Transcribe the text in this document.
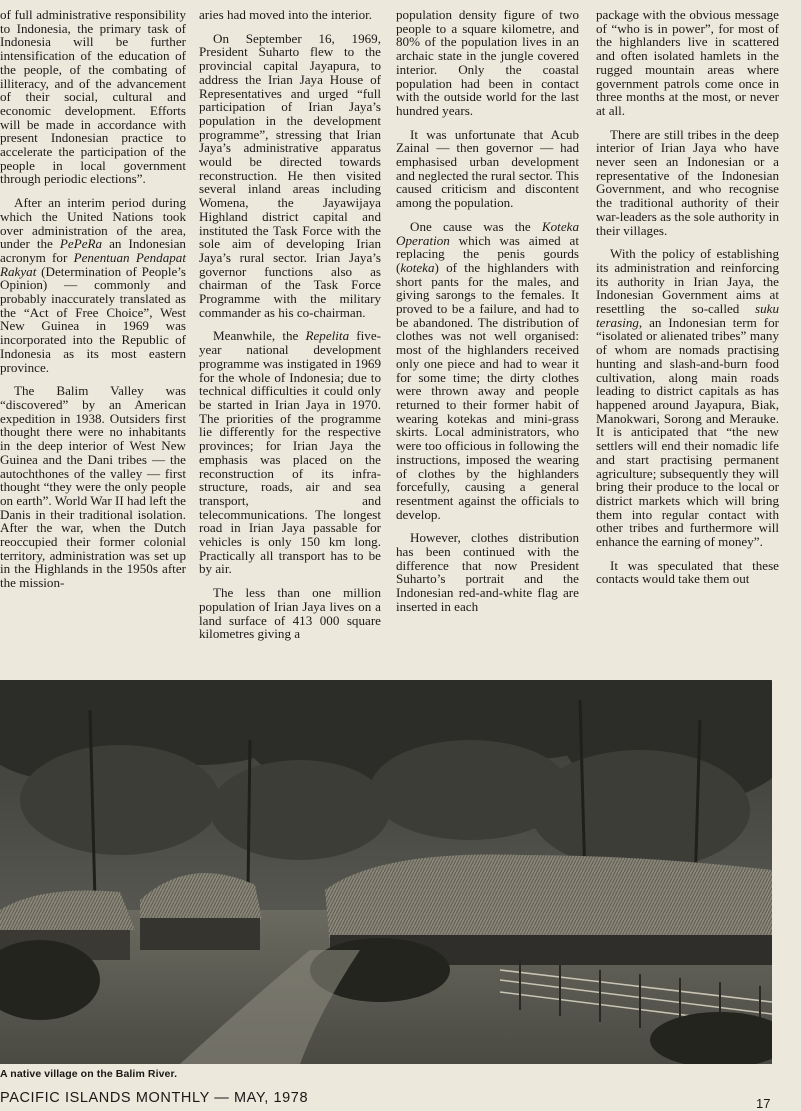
of full administrative responsibility to Indonesia, the primary task of Indonesia will be further intensification of the education of the people, of the combating of illiteracy, and of the advancement of their social, cultural and economic development. Efforts will be made in accordance with present Indonesian practice to accelerate the participation of the people in local government through periodic elections”.

After an interim period during which the United Nations took over administration of the area, under the PePeRa an Indonesian acronym for Penentuan Pendapat Rakyat (Determination of People’s Opinion) — commonly and probably inaccurately translated as the “Act of Free Choice”, West New Guinea in 1969 was incorporated into the Republic of Indonesia as its most eastern province.

The Balim Valley was “discovered” by an American expedition in 1938. Outsiders first thought there were no inhabitants in the deep interior of West New Guinea and the Dani tribes — the autochthones of the valley — first thought “they were the only people on earth”. World War II had left the Danis in their traditional isolation. After the war, when the Dutch reoccupied their former colonial territory, administration was set up in the Highlands in the 1950s after the mission-

aries had moved into the interior.

On September 16, 1969, President Suharto flew to the provincial capital Jayapura, to address the Irian Jaya House of Representatives and urged “full participation of Irian Jaya’s population in the development programme”, stressing that Irian Jaya’s administrative apparatus would be directed towards reconstruction. He then visited several inland areas including Womena, the Jayawijaya Highland district capital and instituted the Task Force with the sole aim of developing Irian Jaya’s rural sector. Irian Jaya’s governor functions also as chairman of the Task Force Programme with the military commander as his co-chairman.

Meanwhile, the Repelita five-year national development programme was instigated in 1969 for the whole of Indonesia; due to technical difficulties it could only be started in Irian Jaya in 1970. The priorities of the programme lie differently for the respective provinces; for Irian Jaya the emphasis was placed on the reconstruction of its infra-structure, roads, air and sea transport, and telecommunications. The longest road in Irian Jaya passable for vehicles is only 150 km long. Practically all transport has to be by air.

The less than one million population of Irian Jaya lives on a land surface of 413 000 square kilometres giving a

population density figure of two people to a square kilometre, and 80% of the population lives in an archaic state in the jungle covered interior. Only the coastal population had been in contact with the outside world for the last hundred years.

It was unfortunate that Acub Zainal — then governor — had emphasised urban development and neglected the rural sector. This caused criticism and discontent among the population.

One cause was the Koteka Operation which was aimed at replacing the penis gourds (koteka) of the highlanders with short pants for the males, and giving sarongs to the females. It proved to be a failure, and had to be abandoned. The distribution of clothes was not well organised: most of the highlanders received only one piece and had to wear it for some time; the dirty clothes were thrown away and people returned to their former habit of wearing kotekas and mini-grass skirts. Local administrators, who were too officious in following the instructions, imposed the wearing of clothes by the highlanders forcefully, causing a general resentment against the officials to develop.

However, clothes distribution has been continued with the difference that now President Suharto’s portrait and the Indonesian red-and-white flag are inserted in each

package with the obvious message of “who is in power”, for most of the highlanders live in scattered and often isolated hamlets in the rugged mountain areas where government patrols come once in three months at the most, or never at all.

There are still tribes in the deep interior of Irian Jaya who have never seen an Indonesian or a representative of the Indonesian Government, and who recognise the traditional authority of their war-leaders as the sole authority in their villages.

With the policy of establishing its administration and reinforcing its authority in Irian Jaya, the Indonesian Government aims at resettling the so-called suku terasing, an Indonesian term for “isolated or alienated tribes” many of whom are nomads practising hunting and slash-and-burn food cultivation, along main roads leading to district capitals as has happened around Jayapura, Biak, Manokwari, Sorong and Merauke. It is anticipated that “the new settlers will end their nomadic life and start practising permanent agriculture; subsequently they will bring their produce to the local or district markets which will bring them into regular contact with other tribes and furthermore will enhance the earning of money”.

It was speculated that these contacts would take them out

A native village on the Balim River.
PACIFIC ISLANDS MONTHLY — MAY, 1978	17
